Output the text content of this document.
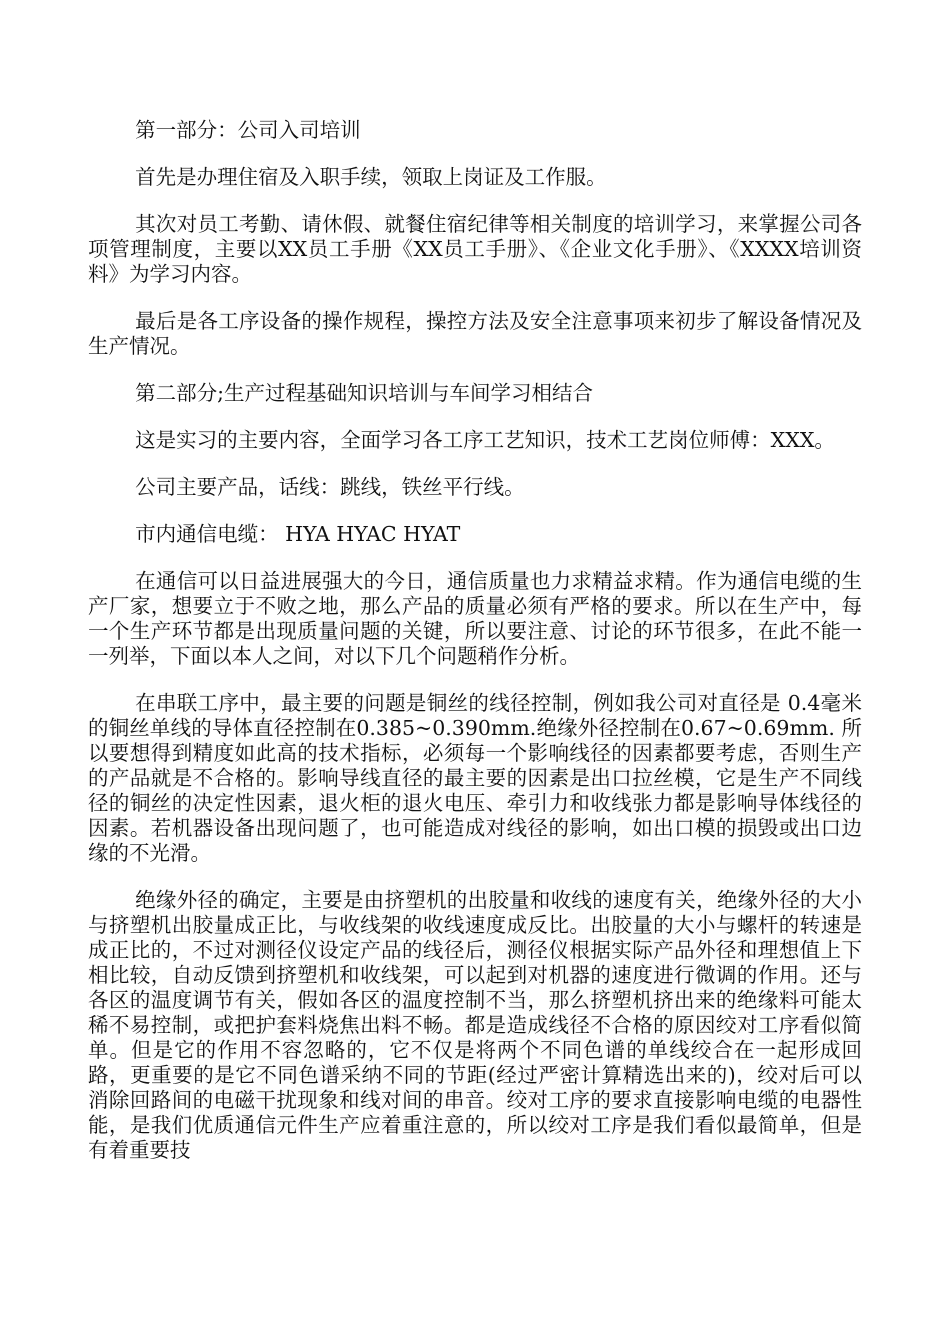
第一部分：公司入司培训

首先是办理住宿及入职手续，领取上岗证及工作服。

其次对员工考勤、请休假、就餐住宿纪律等相关制度的培训学习，来掌握公司各项管理制度，主要以XX员工手册《XX员工手册》、《企业文化手册》、《XXXX培训资料》为学习内容。

最后是各工序设备的操作规程，操控方法及安全注意事项来初步了解设备情况及生产情况。

第二部分;生产过程基础知识培训与车间学习相结合

这是实习的主要内容，全面学习各工序工艺知识，技术工艺岗位师傅：XXX。

公司主要产品，话线：跳线，铁丝平行线。

市内通信电缆： HYA HYAC HYAT

在通信可以日益进展强大的今日，通信质量也力求精益求精。作为通信电缆的生产厂家，想要立于不败之地，那么产品的质量必须有严格的要求。所以在生产中，每一个生产环节都是出现质量问题的关键，所以要注意、讨论的环节很多，在此不能一一列举，下面以本人之间，对以下几个问题稍作分析。

在串联工序中，最主要的问题是铜丝的线径控制，例如我公司对直径是 0.4毫米的铜丝单线的导体直径控制在0.385~0.390mm.绝缘外径控制在0.67~0.69mm. 所以要想得到精度如此高的技术指标，必须每一个影响线径的因素都要考虑，否则生产的产品就是不合格的。影响导线直径的最主要的因素是出口拉丝模，它是生产不同线径的铜丝的决定性因素，退火柜的退火电压、牵引力和收线张力都是影响导体线径的因素。若机器设备出现问题了，也可能造成对线径的影响，如出口模的损毁或出口边缘的不光滑。

绝缘外径的确定，主要是由挤塑机的出胶量和收线的速度有关，绝缘外径的大小与挤塑机出胶量成正比，与收线架的收线速度成反比。出胶量的大小与螺杆的转速是成正比的，不过对测径仪设定产品的线径后，测径仪根据实际产品外径和理想值上下相比较，自动反馈到挤塑机和收线架，可以起到对机器的速度进行微调的作用。还与各区的温度调节有关，假如各区的温度控制不当，那么挤塑机挤出来的绝缘料可能太稀不易控制，或把护套料烧焦出料不畅。都是造成线径不合格的原因绞对工序看似简单。但是它的作用不容忽略的，它不仅是将两个不同色谱的单线绞合在一起形成回路，更重要的是它不同色谱采纳不同的节距(经过严密计算精选出来的)，绞对后可以消除回路间的电磁干扰现象和线对间的串音。绞对工序的要求直接影响电缆的电器性能，是我们优质通信元件生产应着重注意的，所以绞对工序是我们看似最简单，但是有着重要技
